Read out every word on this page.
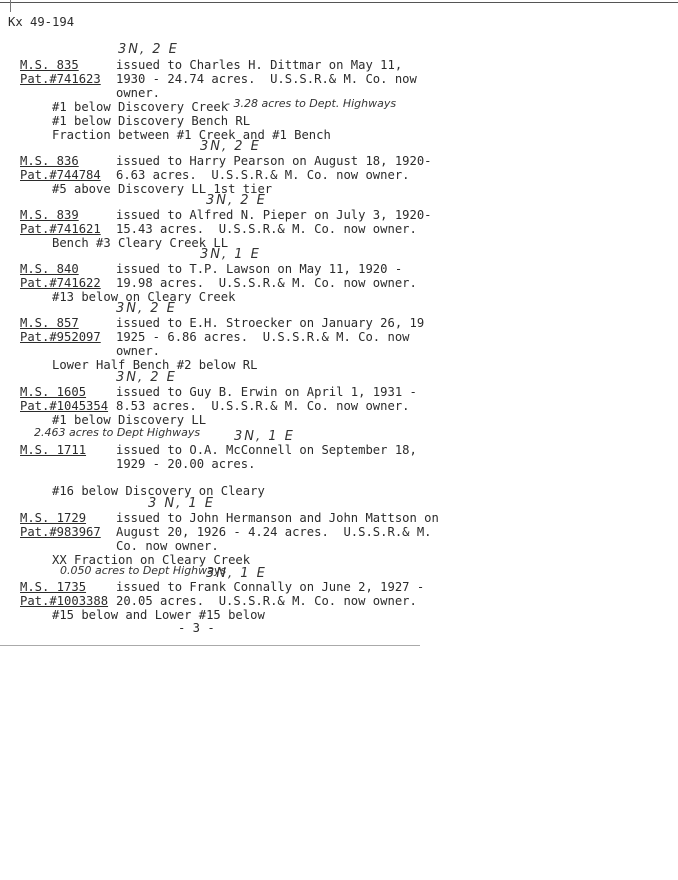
Kx 49-194
3N, 2 E
M.S. 835	issued to Charles H. Dittmar on May 11,
Pat.#741623 1930 - 24.74 acres.  U.S.S.R.& M. Co. now
owner.
#1 below Discovery Creek
- 3.28 acres to Dept. Highways
#1 below Discovery Bench RL
Fraction between #1 Creek and #1 Bench
3N, 2 E
M.S. 836	issued to Harry Pearson on August 18, 1920-
Pat.#744784 6.63 acres.  U.S.S.R.& M. Co. now owner.
#5 above Discovery LL 1st tier
3N, 2 E
M.S. 839	issued to Alfred N. Pieper on July 3, 1920-
Pat.#741621 15.43 acres.  U.S.S.R.& M. Co. now owner.
Bench #3 Cleary Creek LL
3N, 1 E
M.S. 840	issued to T.P. Lawson on May 11, 1920 -
Pat.#741622 19.98 acres.  U.S.S.R.& M. Co. now owner.
#13 below on Cleary Creek
3N, 2 E
M.S. 857	issued to E.H. Stroecker on January 26, 19
Pat.#952097 1925 - 6.86 acres.  U.S.S.R.& M. Co. now
owner.
Lower Half Bench #2 below RL
3N, 2 E
M.S. 1605 issued to Guy B. Erwin on April 1, 1931 -
Pat.#1045354 8.53 acres.  U.S.S.R.& M. Co. now owner.
#1 below Discovery LL
2.463 acres to Dept Highways	3N, 1 E
M.S. 1711 issued to O.A. McConnell on September 18,
1929 - 20.00 acres.
#16 below Discovery on Cleary
3 N, 1 E
M.S. 1729 issued to John Hermanson and John Mattson on
Pat.#983967 August 20, 1926 - 4.24 acres.  U.S.S.R.& M.
Co. now owner.
XX Fraction on Cleary Creek
0.050 acres to Dept Highways
3N, 1 E
M.S. 1735 issued to Frank Connally on June 2, 1927 -
Pat.#1003388 20.05 acres.  U.S.S.R.& M. Co. now owner.
#15 below and Lower #15 below
- 3 -
